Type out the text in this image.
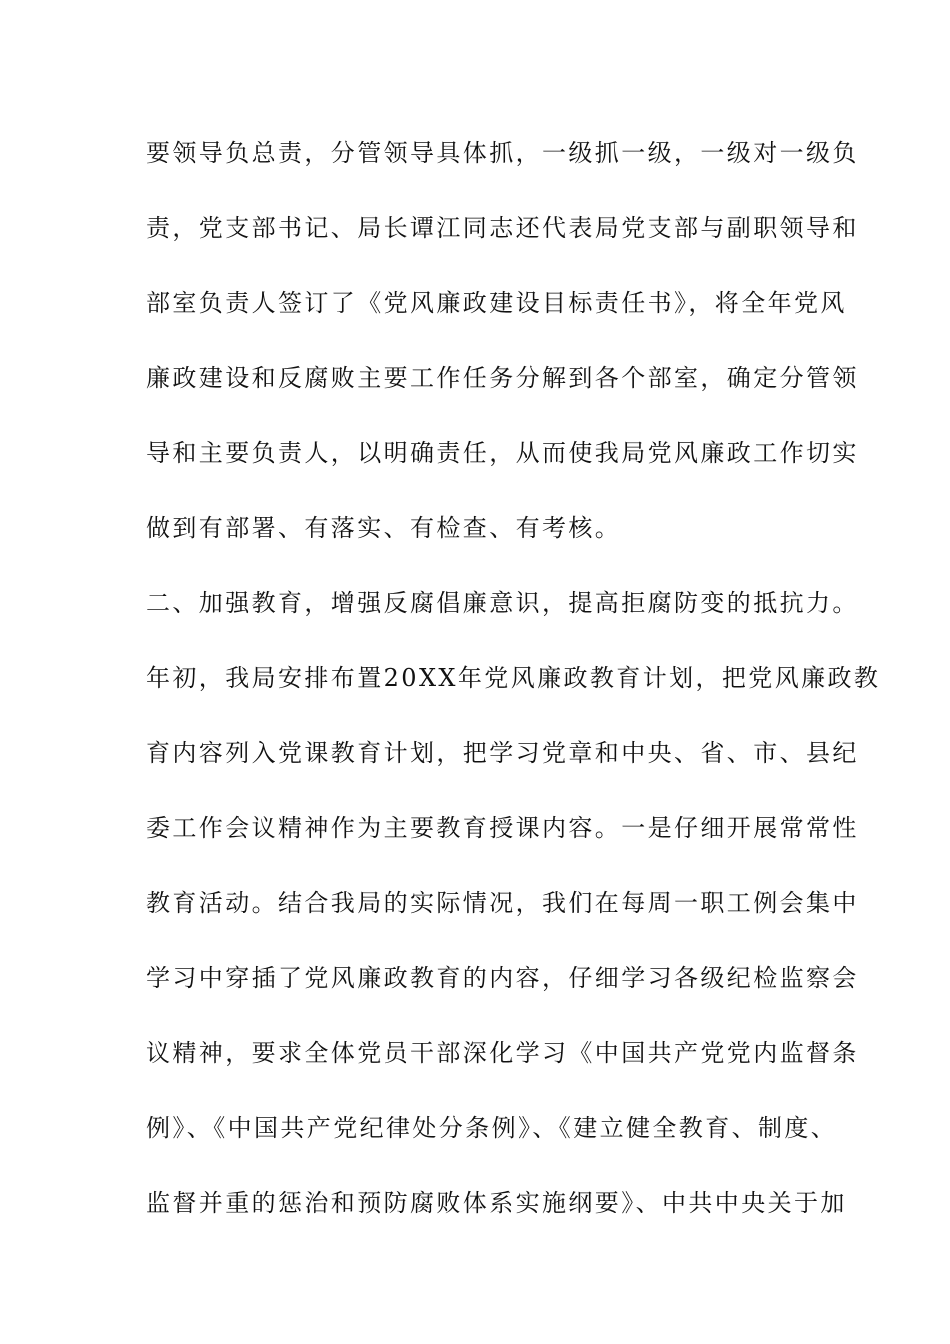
要领导负总责，分管领导具体抓，一级抓一级，一级对一级负
责，党支部书记、局长谭江同志还代表局党支部与副职领导和
部室负责人签订了《党风廉政建设目标责任书》，将全年党风
廉政建设和反腐败主要工作任务分解到各个部室，确定分管领
导和主要负责人，以明确责任，从而使我局党风廉政工作切实
做到有部署、有落实、有检查、有考核。
二、加强教育，增强反腐倡廉意识，提高拒腐防变的抵抗力。
年初，我局安排布置20XX年党风廉政教育计划，把党风廉政教
育内容列入党课教育计划，把学习党章和中央、省、市、县纪
委工作会议精神作为主要教育授课内容。一是仔细开展常常性
教育活动。结合我局的实际情况，我们在每周一职工例会集中
学习中穿插了党风廉政教育的内容，仔细学习各级纪检监察会
议精神，要求全体党员干部深化学习《中国共产党党内监督条
例》、《中国共产党纪律处分条例》、《建立健全教育、制度、
监督并重的惩治和预防腐败体系实施纲要》、中共中央关于加
